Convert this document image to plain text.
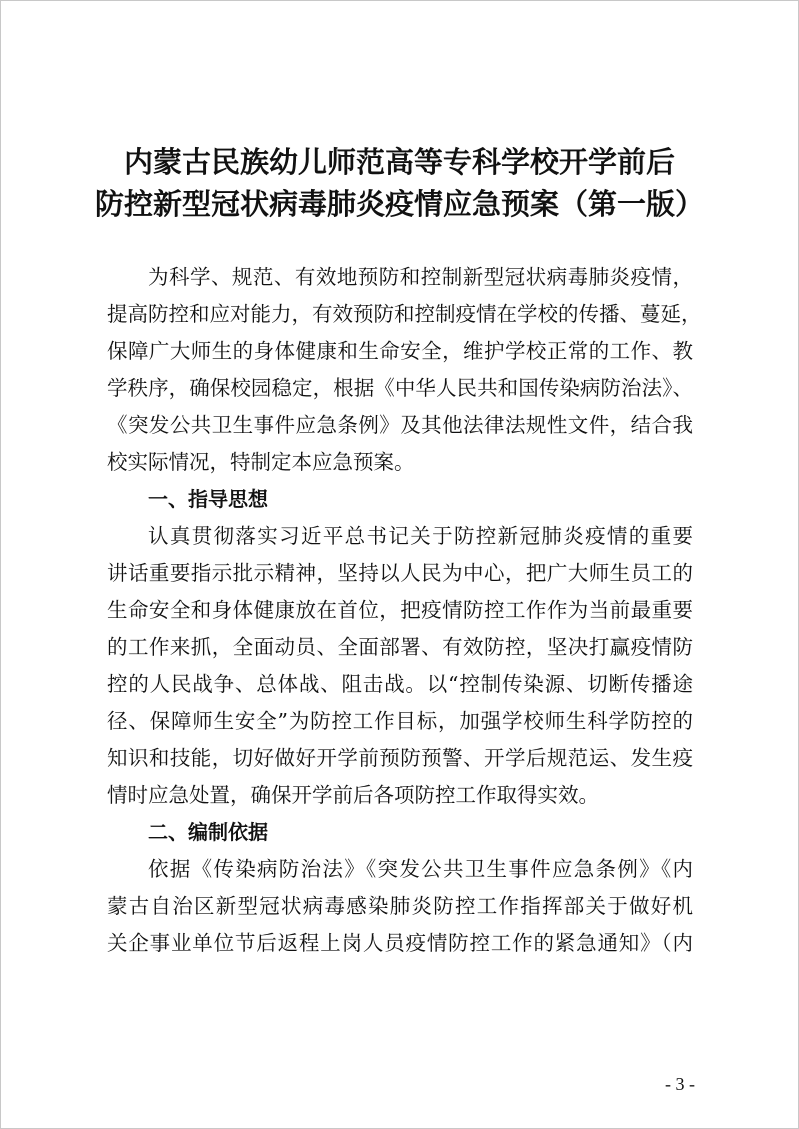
内蒙古民族幼儿师范高等专科学校开学前后
防控新型冠状病毒肺炎疫情应急预案（第一版）
为科学、规范、有效地预防和控制新型冠状病毒肺炎疫情，
提高防控和应对能力，有效预防和控制疫情在学校的传播、蔓延，
保障广大师生的身体健康和生命安全，维护学校正常的工作、教
学秩序，确保校园稳定，根据《中华人民共和国传染病防治法》、
《突发公共卫生事件应急条例》及其他法律法规性文件，结合我
校实际情况，特制定本应急预案。
一、指导思想
认真贯彻落实习近平总书记关于防控新冠肺炎疫情的重要
讲话重要指示批示精神，坚持以人民为中心，把广大师生员工的
生命安全和身体健康放在首位，把疫情防控工作作为当前最重要
的工作来抓，全面动员、全面部署、有效防控，坚决打赢疫情防
控的人民战争、总体战、阻击战。以“控制传染源、切断传播途
径、保障师生安全”为防控工作目标，加强学校师生科学防控的
知识和技能，切好做好开学前预防预警、开学后规范运、发生疫
情时应急处置，确保开学前后各项防控工作取得实效。
二、编制依据
依据《传染病防治法》《突发公共卫生事件应急条例》《内
蒙古自治区新型冠状病毒感染肺炎防控工作指挥部关于做好机
关企事业单位节后返程上岗人员疫情防控工作的紧急通知》（内
- 3 -
